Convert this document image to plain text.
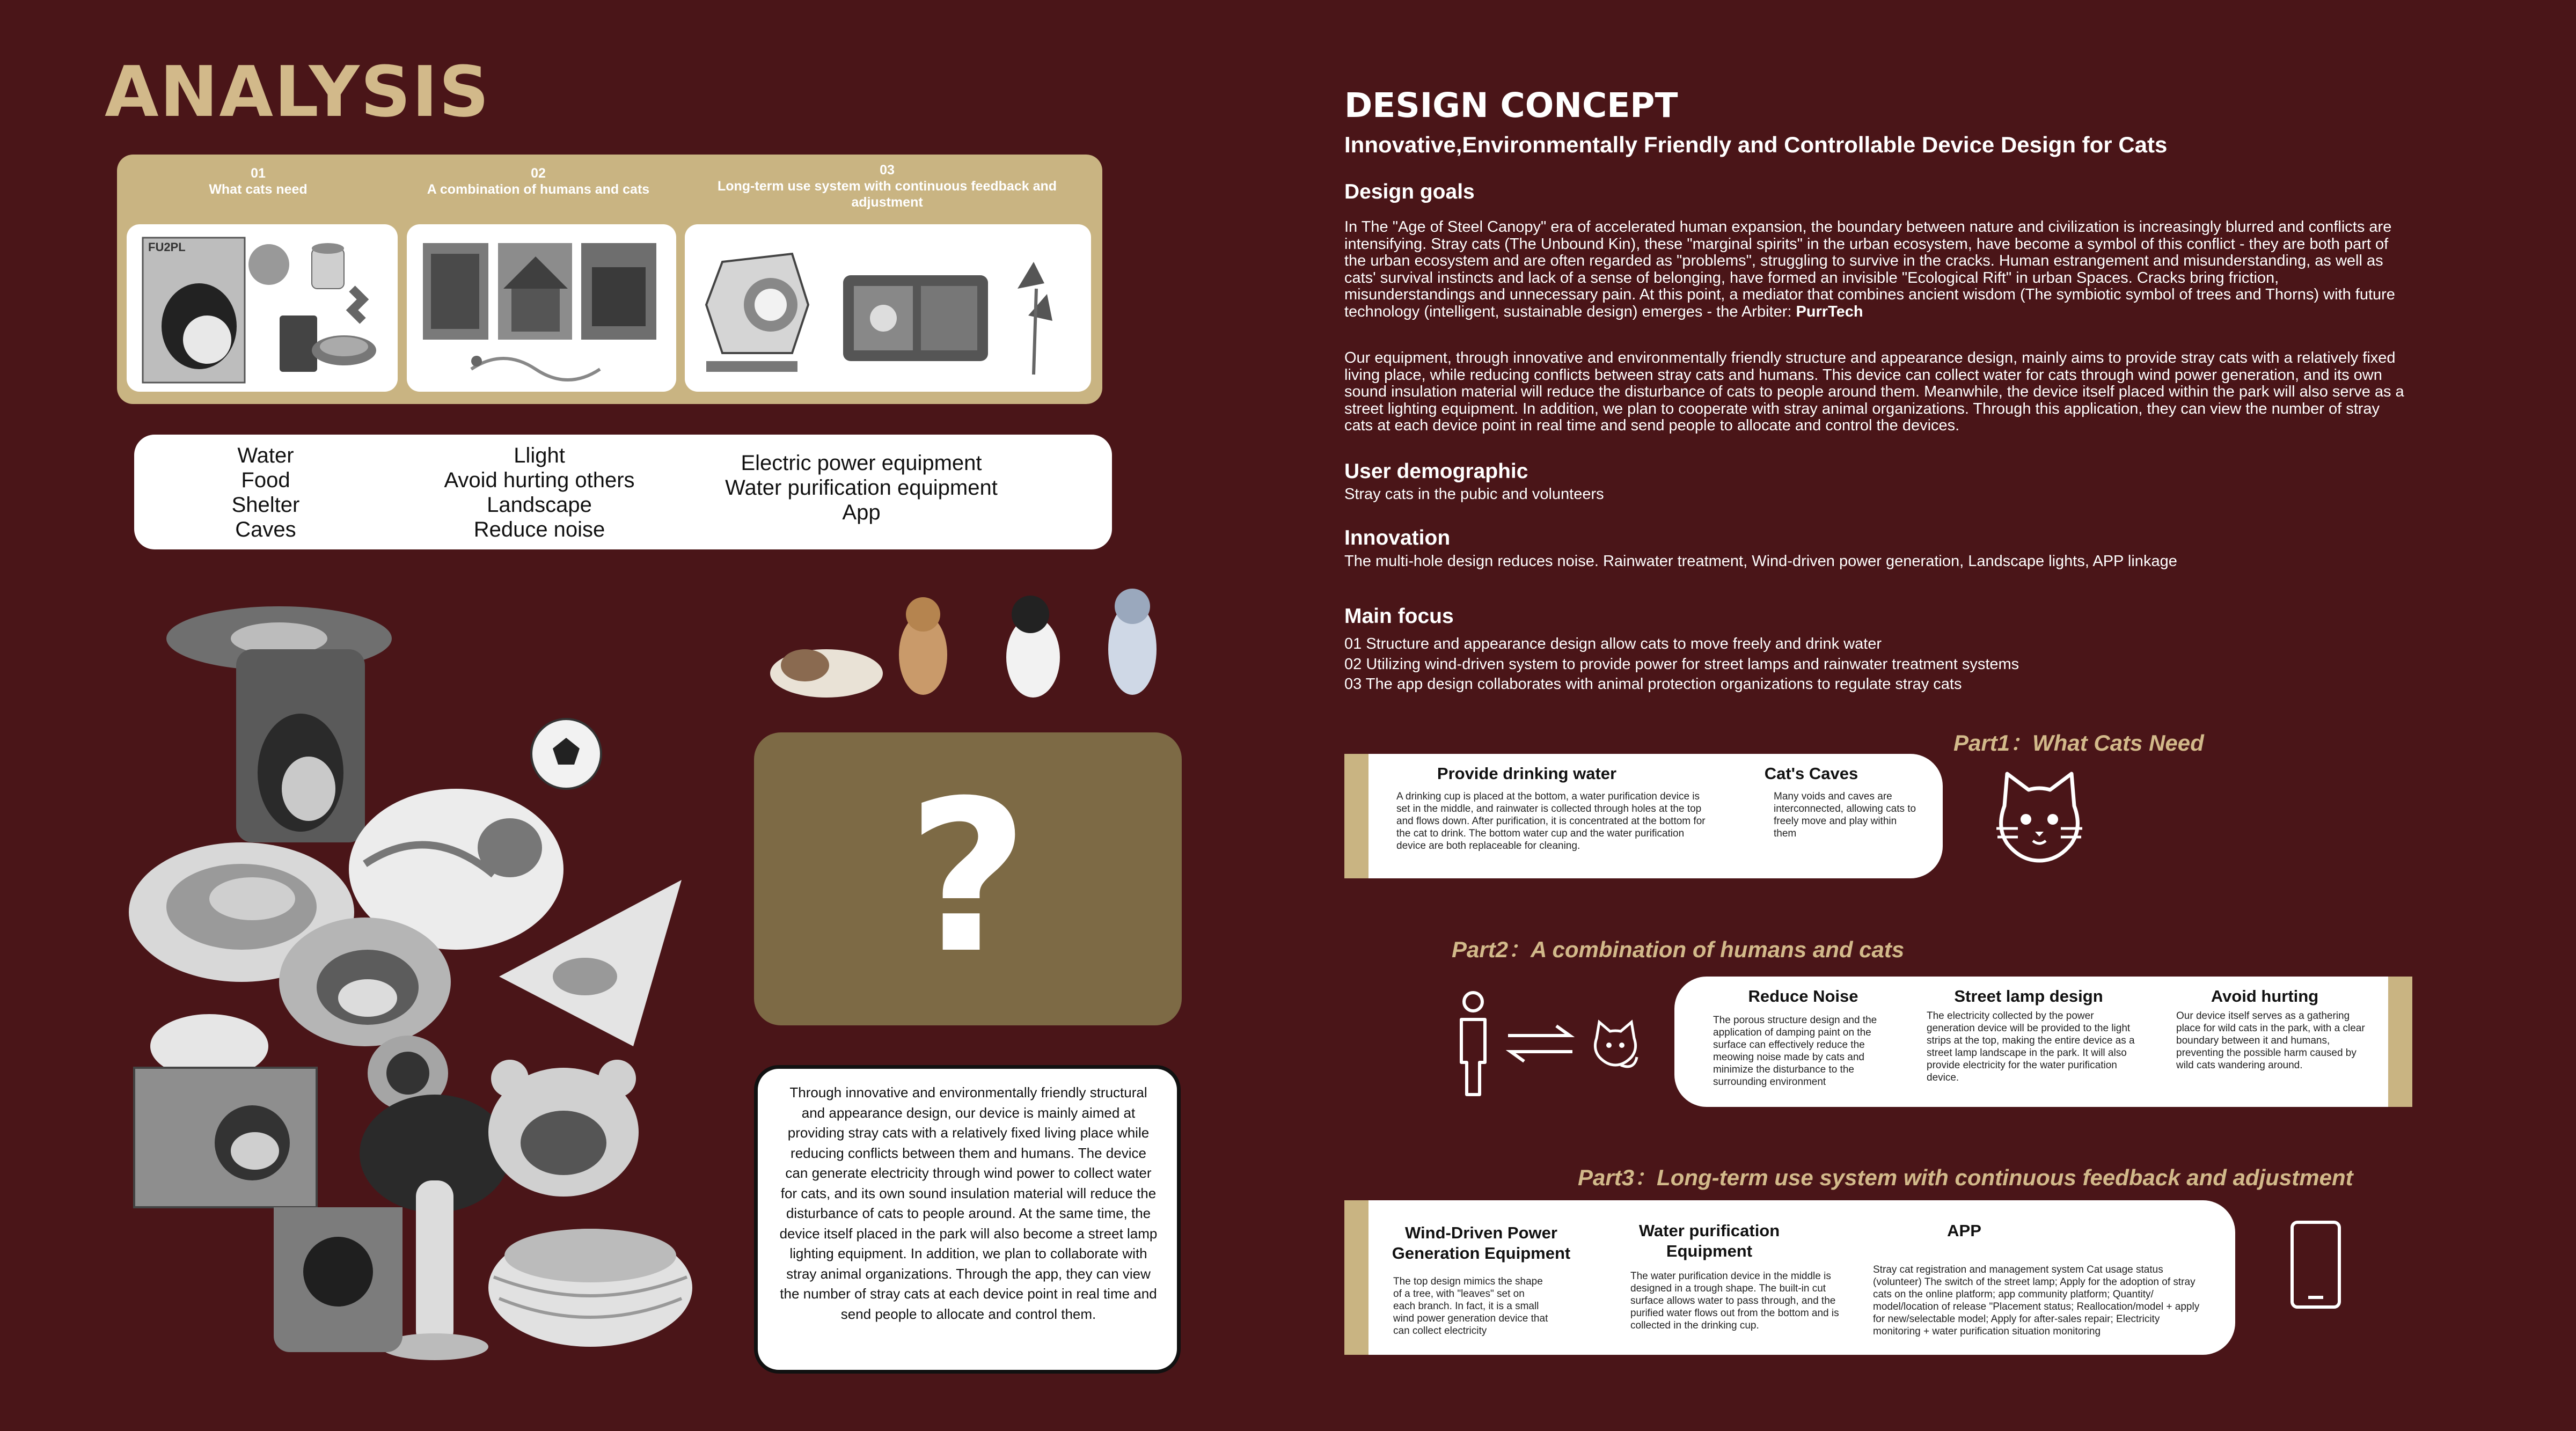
ANALYSIS
01
What cats need
02
A combination of humans and cats
03
Long-term use system with continuous feedback and adjustment
FU2PL
Water
Food
Shelter
Caves
Llight
Avoid hurting others
Landscape
Reduce noise
Electric power equipment
Water purification equipment
App
?
Through innovative and environmentally friendly structural and appearance design, our device is mainly aimed at providing stray cats with a relatively fixed living place while reducing conflicts between them and humans. The device can generate electricity through wind power to collect water for cats, and its own sound insulation material will reduce the disturbance of cats to people around. At the same time, the device itself placed in the park will also become a street lamp lighting equipment. In addition, we plan to collaborate with stray animal organizations. Through the app, they can view the number of stray cats at each device point in real time and send people to allocate and control them.
DESIGN CONCEPT
Innovative,Environmentally Friendly and Controllable Device Design for Cats
Design goals
In The "Age of Steel Canopy" era of accelerated human expansion, the boundary between nature and civilization is increasingly blurred and conflicts are intensifying. Stray cats (The Unbound Kin), these "marginal spirits" in the urban ecosystem, have become a symbol of this conflict - they are both part of the urban ecosystem and are often regarded as "problems", struggling to survive in the cracks. Human estrangement and misunderstanding, as well as cats' survival instincts and lack of a sense of belonging, have formed an invisible "Ecological Rift" in urban Spaces. Cracks bring friction, misunderstandings and unnecessary pain. At this point, a mediator that combines ancient wisdom (The symbiotic symbol of trees and Thorns) with future technology (intelligent, sustainable design) emerges - the Arbiter: PurrTech
Our equipment, through innovative and environmentally friendly structure and appearance design, mainly aims to provide stray cats with a relatively fixed living place, while reducing conflicts between stray cats and humans. This device can collect water for cats through wind power generation, and its own sound insulation material will reduce the disturbance of cats to people around them. Meanwhile, the device itself placed within the park will also serve as a street lighting equipment. In addition, we plan to cooperate with stray animal organizations. Through this application, they can view the number of stray cats at each device point in real time and send people to allocate and control the devices.
User demographic
Stray cats in the pubic and volunteers
Innovation
The multi-hole design reduces noise. Rainwater treatment, Wind-driven power generation, Landscape lights, APP linkage
Main focus
01 Structure and appearance design allow cats to move freely and drink water
02 Utilizing wind-driven system to provide power for street lamps and rainwater treatment systems
03 The app design collaborates with animal protection organizations to regulate stray cats
Part1：What Cats Need
Provide drinking water
A drinking cup is placed at the bottom, a water purification device is set in the middle, and rainwater is collected through holes at the top and flows down. After purification, it is concentrated at the bottom for the cat to drink. The bottom water cup and the water purification device are both replaceable for cleaning.
Cat's Caves
Many voids and caves are interconnected, allowing cats to freely move and play within them
Part2：A combination of humans and cats
Reduce Noise
The porous structure design and the application of damping paint on the surface can effectively reduce the meowing noise made by cats and minimize the disturbance to the surrounding environment
Street lamp design
The electricity collected by the power generation device will be provided to the light strips at the top, making the entire device as a street lamp landscape in the park. It will also provide electricity for the water purification device.
Avoid hurting
Our device itself serves as a gathering place for wild cats in the park, with a clear boundary between it and humans, preventing the possible harm caused by wild cats wandering around.
Part3：Long-term use system with continuous feedback and adjustment
Wind-Driven Power Generation Equipment
The top design mimics the shape of a tree, with "leaves" set on each branch. In fact, it is a small wind power generation device that can collect electricity
Water purification Equipment
The water purification device in the middle is designed in a trough shape. The built-in cut surface allows water to pass through, and the purified water flows out from the bottom and is collected in the drinking cup.
APP
Stray cat registration and management system Cat usage status (volunteer) The switch of the street lamp; Apply for the adoption of stray cats on the online platform; app community platform; Quantity/ model/location of release "Placement status; Reallocation/model + apply for new/selectable model; Apply for after-sales repair; Electricity monitoring + water purification situation monitoring
